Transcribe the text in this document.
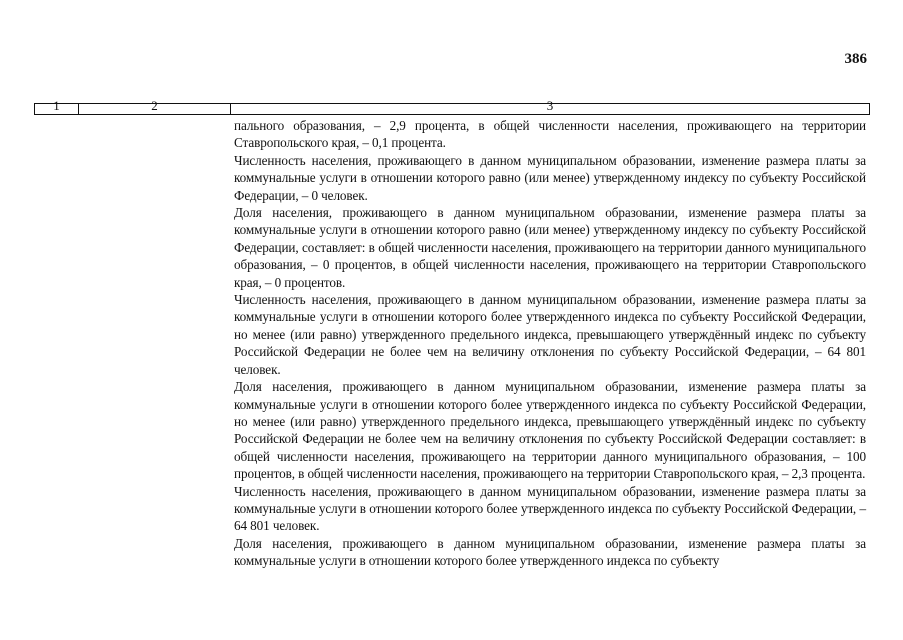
386
1	2	3

пального образования, – 2,9 процента, в общей численности населения, проживающего на территории Ставропольского края, – 0,1 процента.

Численность населения, проживающего в данном муниципальном образовании, изменение размера платы за коммунальные услуги в отношении которого равно (или менее) утвержденному индексу по субъекту Российской Федерации, – 0 человек.

Доля населения, проживающего в данном муниципальном образовании, изменение размера платы за коммунальные услуги в отношении которого равно (или менее) утвержденному индексу по субъекту Российской Федерации, составляет: в общей численности населения, проживающего на территории данного муниципального образования, – 0 процентов, в общей численности населения, проживающего на территории Ставропольского края, – 0 процентов.

Численность населения, проживающего в данном муниципальном образовании, изменение размера платы за коммунальные услуги в отношении которого более утвержденного индекса по субъекту Российской Федерации, но менее (или равно) утвержденного предельного индекса, превышающего утверждённый индекс по субъекту Российской Федерации не более чем на величину отклонения по субъекту Российской Федерации, – 64 801 человек.

Доля населения, проживающего в данном муниципальном образовании, изменение размера платы за коммунальные услуги в отношении которого более утвержденного индекса по субъекту Российской Федерации, но менее (или равно) утвержденного предельного индекса, превышающего утверждённый индекс по субъекту Российской Федерации не более чем на величину отклонения по субъекту Российской Федерации составляет: в общей численности населения, проживающего на территории данного муниципального образования, – 100 процентов, в общей численности населения, проживающего на территории Ставропольского края, – 2,3 процента.

Численность населения, проживающего в данном муниципальном образовании, изменение размера платы за коммунальные услуги в отношении которого более утвержденного индекса по субъекту Российской Федерации, – 64 801 человек.

Доля населения, проживающего в данном муниципальном образовании, изменение размера платы за коммунальные услуги в отношении которого более утвержденного индекса по субъекту
